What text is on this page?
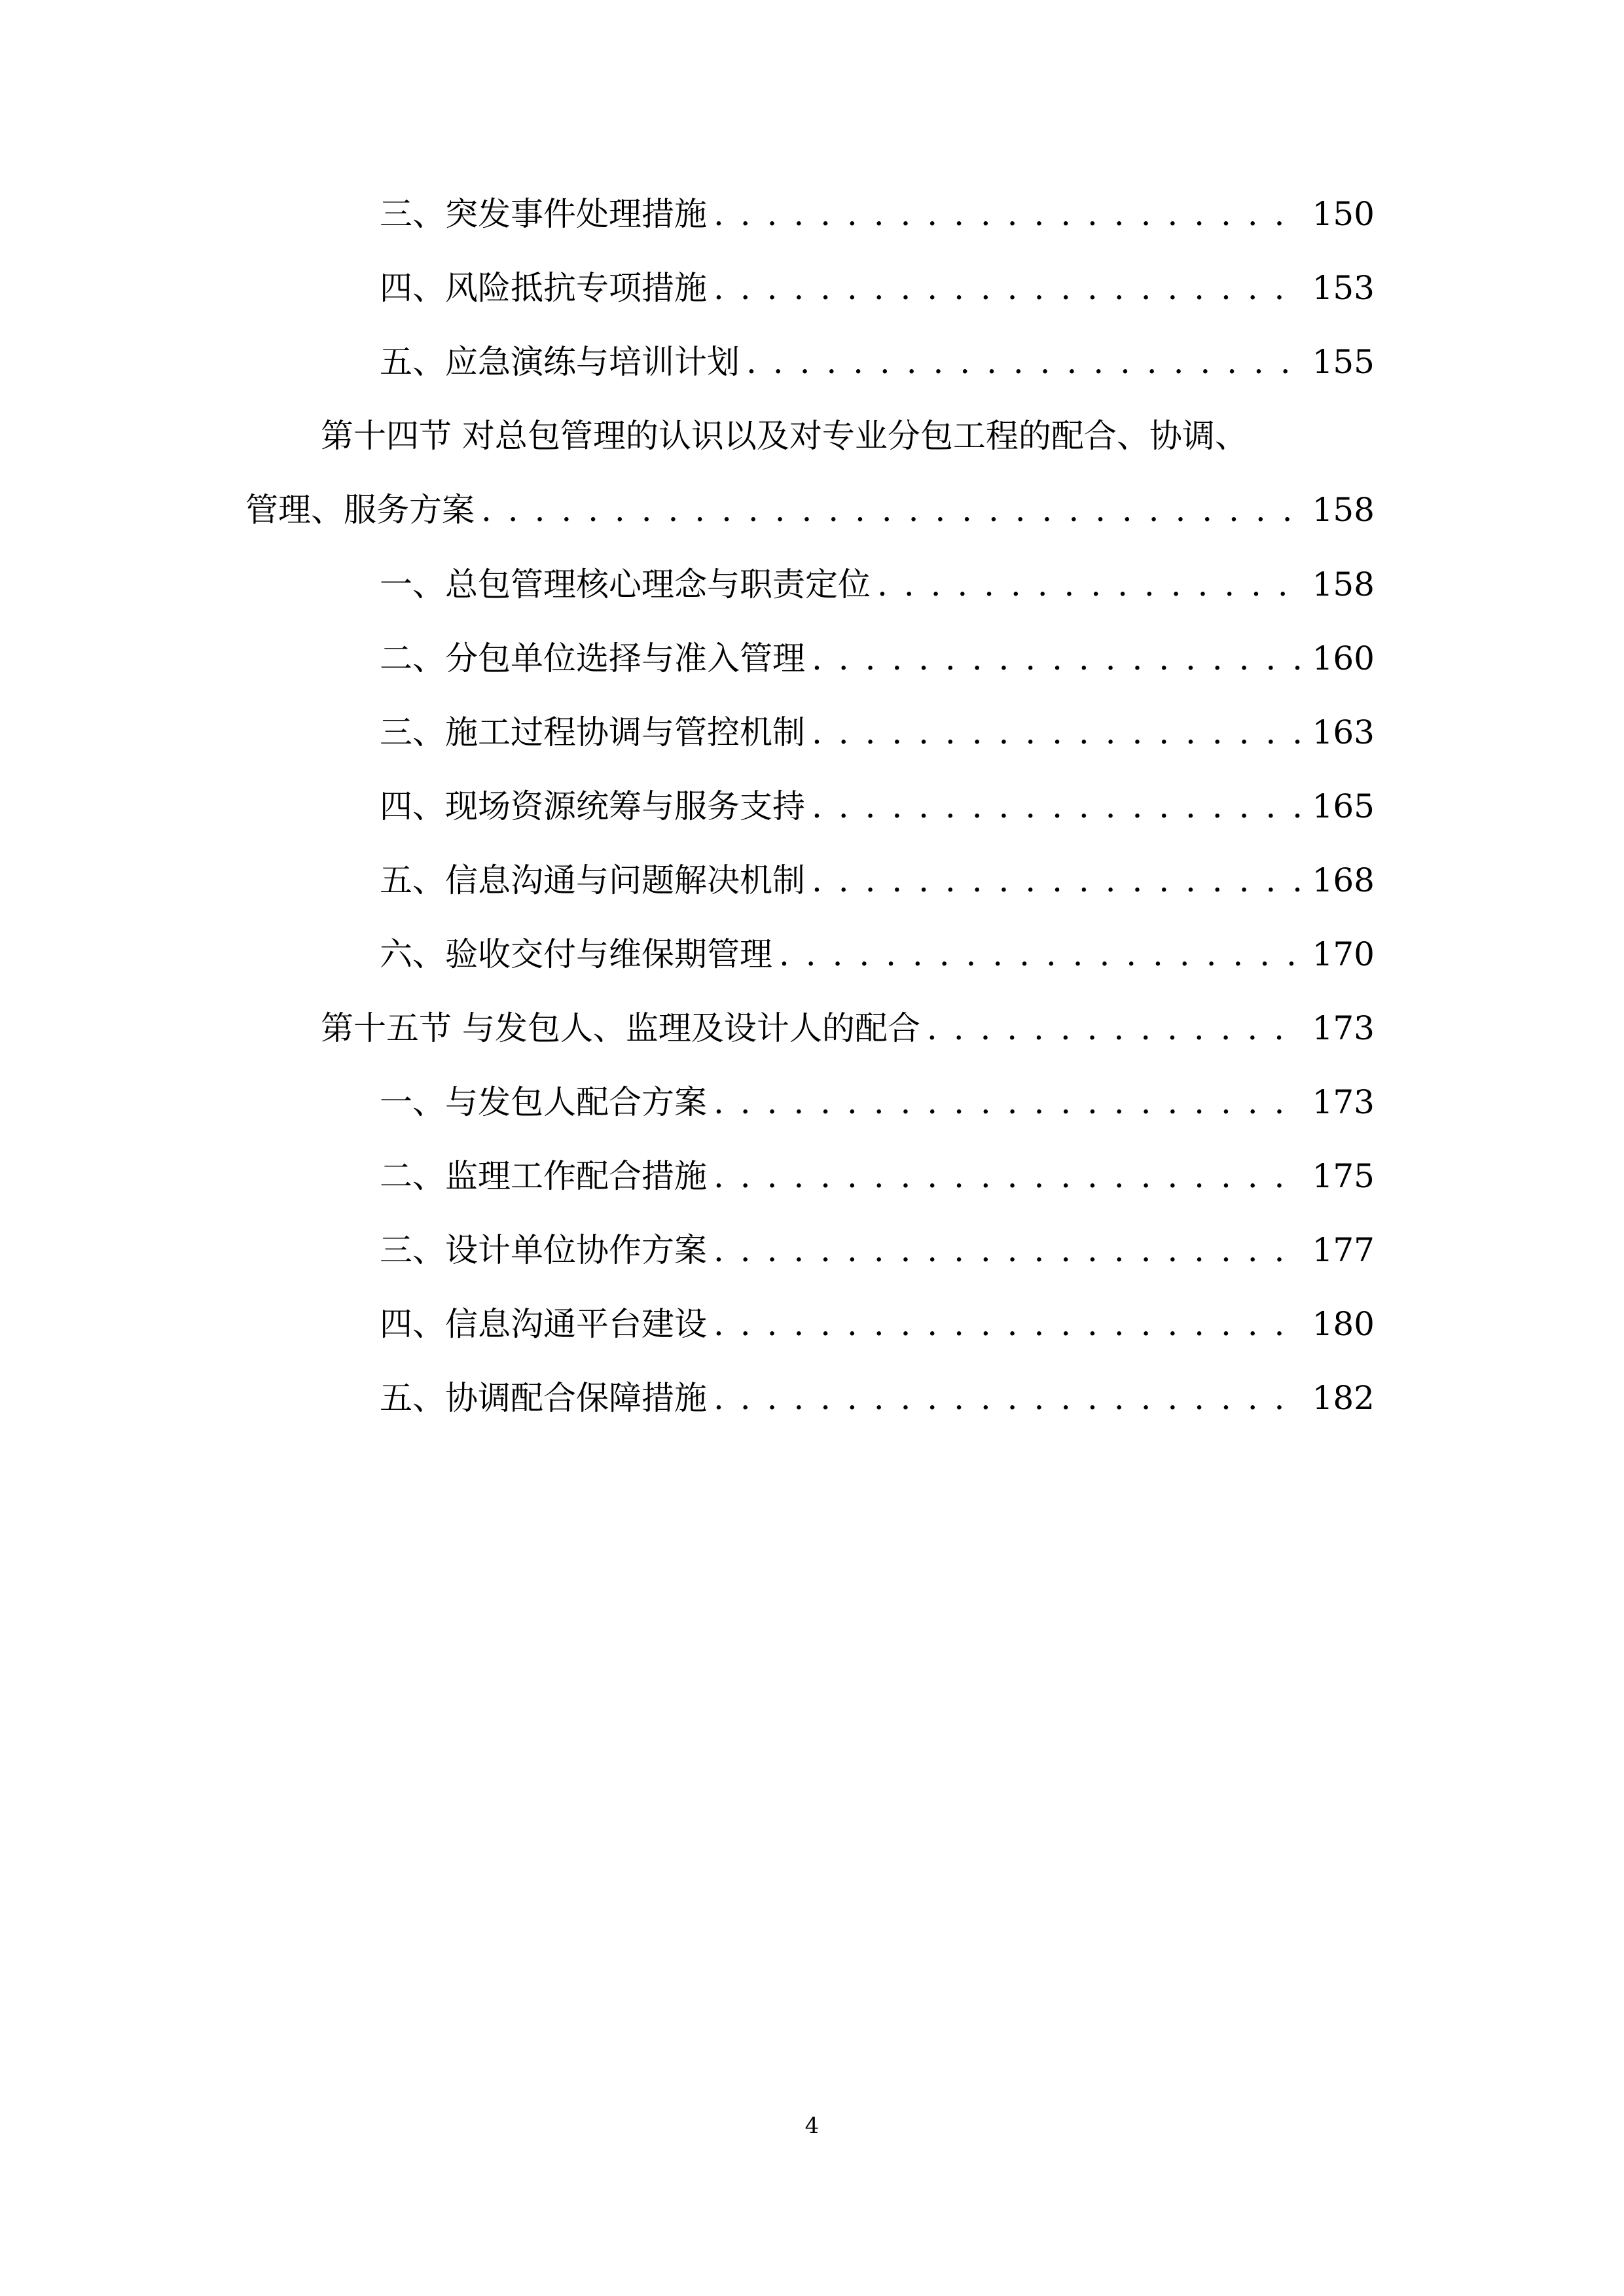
三、 突发事件处理措施 . . .	150
四、 风险抵抗专项措施 . . .	153
五、 应急演练与培训计划 . . .	155
第十四节 对总包管理的认识以及对专业分包工程的配合、协调、
管理、服务方案 . . .	158
一、 总包管理核心理念与职责定位 . . .	158
二、 分包单位选择与准入管理 . . .	160
三、 施工过程协调与管控机制 . . .	163
四、 现场资源统筹与服务支持 . . .	165
五、 信息沟通与问题解决机制 . . .	168
六、 验收交付与维保期管理 . . .	170
第十五节 与发包人、监理及设计人的配合 . . .	173
一、 与发包人配合方案 . . .	173
二、 监理工作配合措施 . . .	175
三、 设计单位协作方案 . . .	177
四、 信息沟通平台建设 . . .	180
五、 协调配合保障措施 . . .	182
4
